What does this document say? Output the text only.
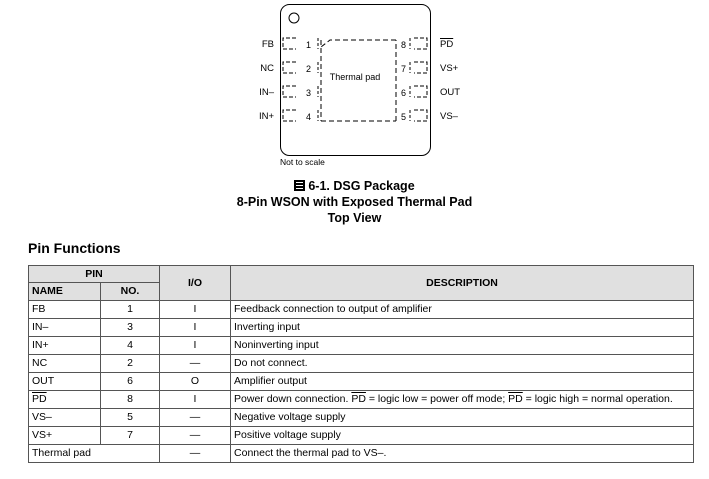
FB
NC
IN–
IN+
1
2
3
4
8
7
6
5
$\overline{PD}$
VS+
OUT
VS–
Thermal pad
Not to scale
6-1. DSG Package
8-Pin WSON with Exposed Thermal Pad
Top View
Pin Functions
PIN		I/O	DESCRIPTION
NAME	NO.		
FB	1	I	Feedback connection to output of amplifier
IN–	3	I	Inverting input
IN+	4	I	Noninverting input
NC	2	—	Do not connect.
OUT	6	O	Amplifier output
$\overline{PD}$	8	I	Power down connection. $\overline{PD}$ = logic low = power off mode; $\overline{PD}$ = logic high = normal operation.
VS–	5	—	Negative voltage supply
VS+	7	—	Positive voltage supply
Thermal pad		—	Connect the thermal pad to VS–.
